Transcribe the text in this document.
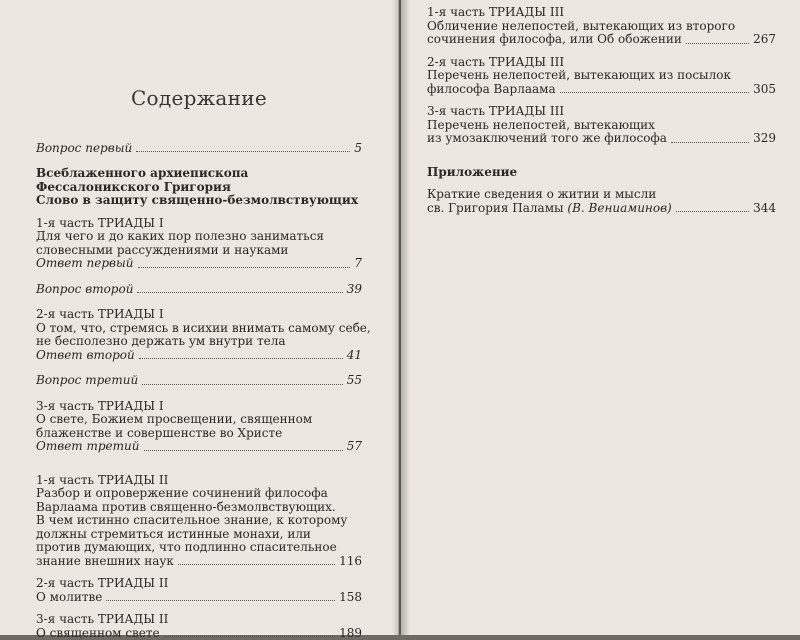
Содержание
Вопрос первый	5
Всеблаженного архиепископа
Фессалоникского Григория
Слово в защиту священно-безмолвствующих
1-я часть ТРИАДЫ I
Для чего и до каких пор полезно заниматься
словесными рассуждениями и науками
Ответ первый	7
Вопрос второй	39
2-я часть ТРИАДЫ I
О том, что, стремясь в исихии внимать самому себе,
не бесполезно держать ум внутри тела
Ответ второй	41
Вопрос третий	55
3-я часть ТРИАДЫ I
О свете, Божием просвещении, священном
блаженстве и совершенстве во Христе
Ответ третий	57
1-я часть ТРИАДЫ II
Разбор и опровержение сочинений философа
Варлаама против священно-безмолвствующих.
В чем истинно спасительное знание, к которому
должны стремиться истинные монахи, или
против думающих, что подлинно спасительное
знание внешних наук	116
2-я часть ТРИАДЫ II
О молитве	158
3-я часть ТРИАДЫ II
О священном свете	189
1-я часть ТРИАДЫ III
Обличение нелепостей, вытекающих из второго
сочинения философа, или Об обожении	267
2-я часть ТРИАДЫ III
Перечень нелепостей, вытекающих из посылок
философа Варлаама	305
3-я часть ТРИАДЫ III
Перечень нелепостей, вытекающих
из умозаключений того же философа	329
Приложение
Краткие сведения о житии и мысли
св. Григория Паламы (В. Вениаминов)	344
